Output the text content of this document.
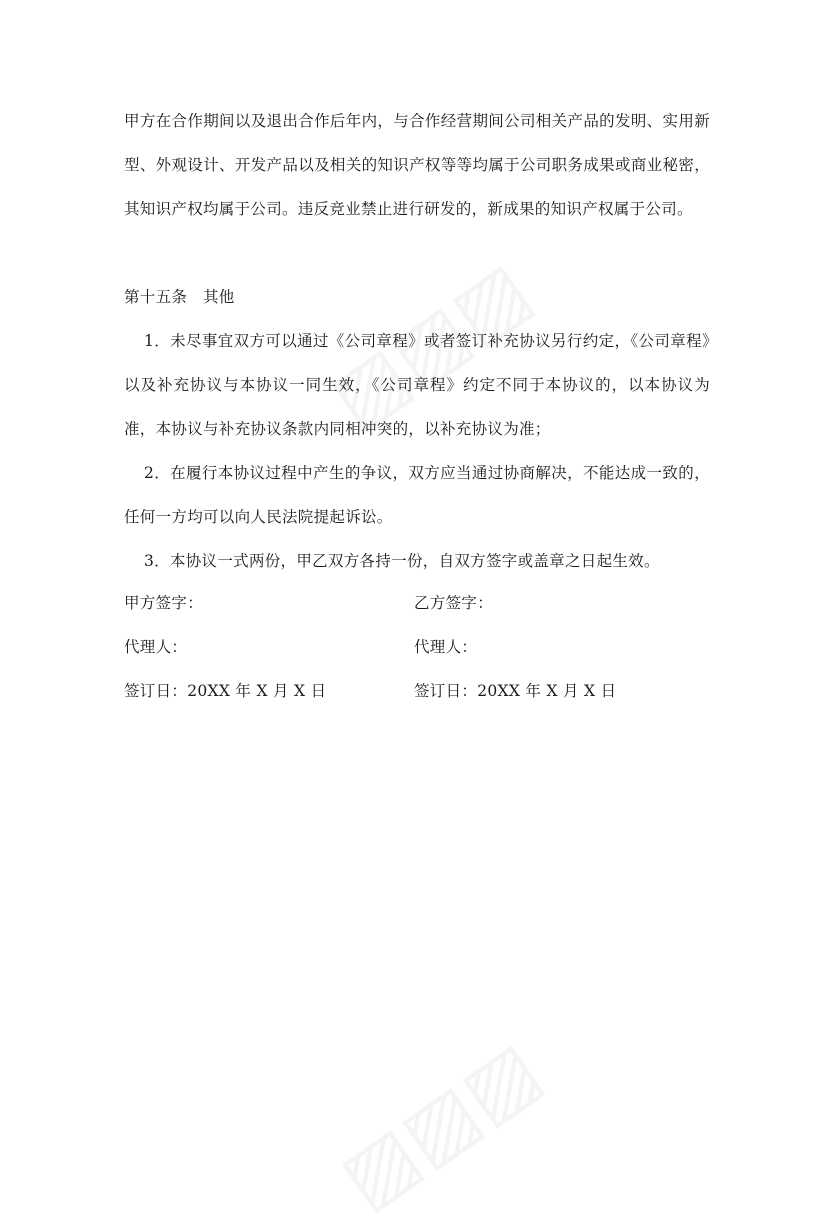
甲方在合作期间以及退出合作后年内，与合作经营期间公司相关产品的发明、实用新型、外观设计、开发产品以及相关的知识产权等等均属于公司职务成果或商业秘密，其知识产权均属于公司。违反竞业禁止进行研发的，新成果的知识产权属于公司。

第十五条　其他

1．未尽事宜双方可以通过《公司章程》或者签订补充协议另行约定，《公司章程》以及补充协议与本协议一同生效，《公司章程》约定不同于本协议的，以本协议为准，本协议与补充协议条款内同相冲突的，以补充协议为准；

2．在履行本协议过程中产生的争议，双方应当通过协商解决，不能达成一致的，任何一方均可以向人民法院提起诉讼。

3．本协议一式两份，甲乙双方各持一份，自双方签字或盖章之日起生效。

甲方签字：	乙方签字：
代理人：	代理人：
签订日：20XX 年 X 月 X 日	签订日：20XX 年 X 月 X 日
